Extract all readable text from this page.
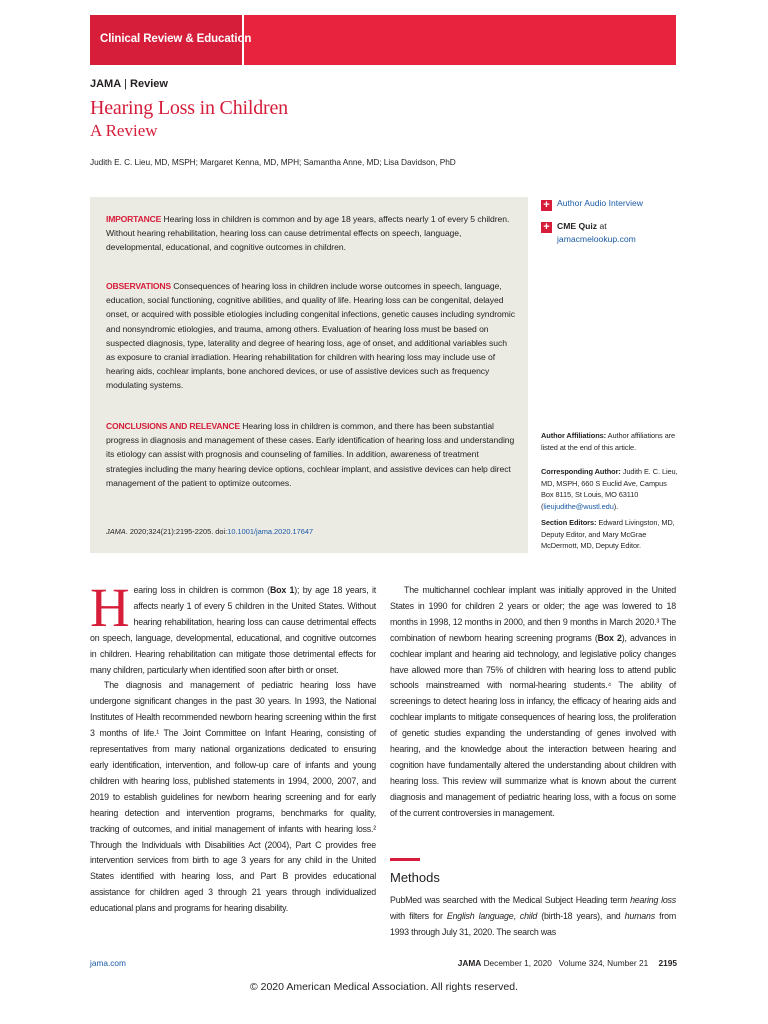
Clinical Review & Education
JAMA | Review
Hearing Loss in Children
A Review
Judith E. C. Lieu, MD, MSPH; Margaret Kenna, MD, MPH; Samantha Anne, MD; Lisa Davidson, PhD

IMPORTANCE Hearing loss in children is common and by age 18 years, affects nearly 1 of every 5 children. Without hearing rehabilitation, hearing loss can cause detrimental effects on speech, language, developmental, educational, and cognitive outcomes in children.

OBSERVATIONS Consequences of hearing loss in children include worse outcomes in speech, language, education, social functioning, cognitive abilities, and quality of life. Hearing loss can be congenital, delayed onset, or acquired with possible etiologies including congenital infections, genetic causes including syndromic and nonsyndromic etiologies, and trauma, among others. Evaluation of hearing loss must be based on suspected diagnosis, type, laterality and degree of hearing loss, age of onset, and additional variables such as exposure to cranial irradiation. Hearing rehabilitation for children with hearing loss may include use of hearing aids, cochlear implants, bone anchored devices, or use of assistive devices such as frequency modulating systems.

CONCLUSIONS AND RELEVANCE Hearing loss in children is common, and there has been substantial progress in diagnosis and management of these cases. Early identification of hearing loss and understanding its etiology can assist with prognosis and counseling of families. In addition, awareness of treatment strategies including the many hearing device options, cochlear implant, and assistive devices can help direct management of the patient to optimize outcomes.

JAMA. 2020;324(21):2195-2205. doi:10.1001/jama.2020.17647
+ Author Audio Interview
+ CME Quiz at
jamacmelookup.com

Author Affiliations: Author affiliations are listed at the end of this article.

Corresponding Author: Judith E. C. Lieu, MD, MSPH, 660 S Euclid Ave, Campus Box 8115, St Louis, MO 63110 (lieujudithe@wustl.edu).

Section Editors: Edward Livingston, MD, Deputy Editor, and Mary McGrae McDermott, MD, Deputy Editor.

Hearing loss in children is common (Box 1); by age 18 years, it affects nearly 1 of every 5 children in the United States. Without hearing rehabilitation, hearing loss can cause detrimental effects on speech, language, developmental, educational, and cognitive outcomes in children. Hearing rehabilitation can mitigate those detrimental effects for many children, particularly when identified soon after birth or onset.

The diagnosis and management of pediatric hearing loss have undergone significant changes in the past 30 years. In 1993, the National Institutes of Health recommended newborn hearing screening within the first 3 months of life.¹ The Joint Committee on Infant Hearing, consisting of representatives from many national organizations dedicated to ensuring early identification, intervention, and follow-up care of infants and young children with hearing loss, published statements in 1994, 2000, 2007, and 2019 to establish guidelines for newborn hearing screening and for early hearing detection and intervention programs, benchmarks for quality, tracking of outcomes, and initial management of infants with hearing loss.² Through the Individuals with Disabilities Act (2004), Part C provides free intervention services from birth to age 3 years for any child in the United States identified with hearing loss, and Part B provides educational assistance for children aged 3 through 21 years through individualized educational plans and programs for hearing disability.

The multichannel cochlear implant was initially approved in the United States in 1990 for children 2 years or older; the age was lowered to 18 months in 1998, 12 months in 2000, and then 9 months in March 2020.³ The combination of newborn hearing screening programs (Box 2), advances in cochlear implant and hearing aid technology, and legislative policy changes have allowed more than 75% of children with hearing loss to attend public schools mainstreamed with normal-hearing students.⁴ The ability of screenings to detect hearing loss in infancy, the efficacy of hearing aids and cochlear implants to mitigate consequences of hearing loss, the proliferation of genetic studies expanding the understanding of genes involved with hearing, and the knowledge about the interaction between hearing and cognition have fundamentally altered the understanding about children with hearing loss. This review will summarize what is known about the current diagnosis and management of pediatric hearing loss, with a focus on some of the current controversies in management.

Methods

PubMed was searched with the Medical Subject Heading term hearing loss with filters for English language, child (birth-18 years), and humans from 1993 through July 31, 2020. The search was

jama.com	JAMA December 1, 2020   Volume 324, Number 21 2195
© 2020 American Medical Association. All rights reserved.
